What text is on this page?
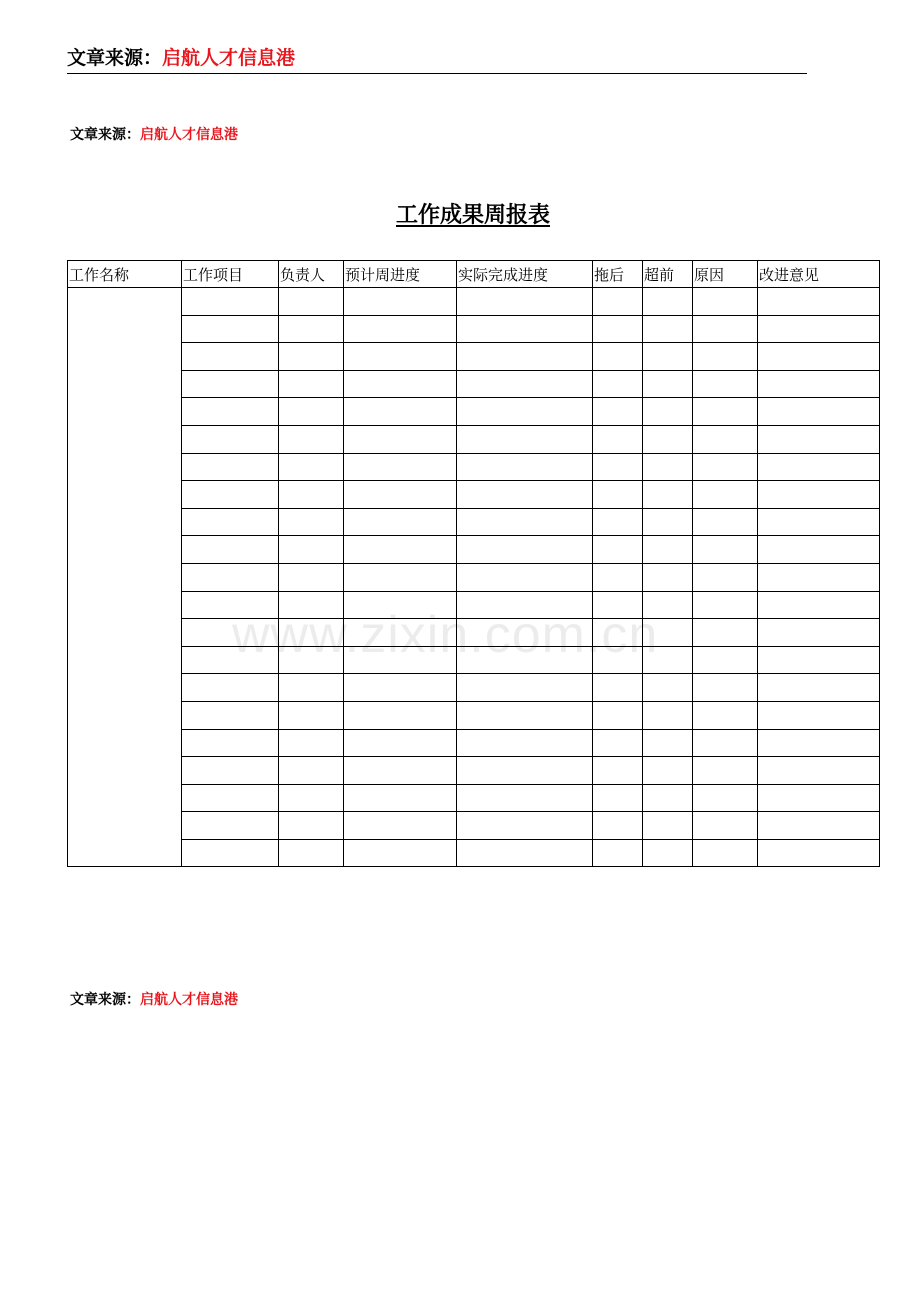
文章来源：启航人才信息港
文章来源：启航人才信息港
工作成果周报表
工作名称	工作项目	负责人	预计周进度	实际完成进度	拖后	超前	原因	改进意见

www.zixin.com.cn
文章来源：启航人才信息港
